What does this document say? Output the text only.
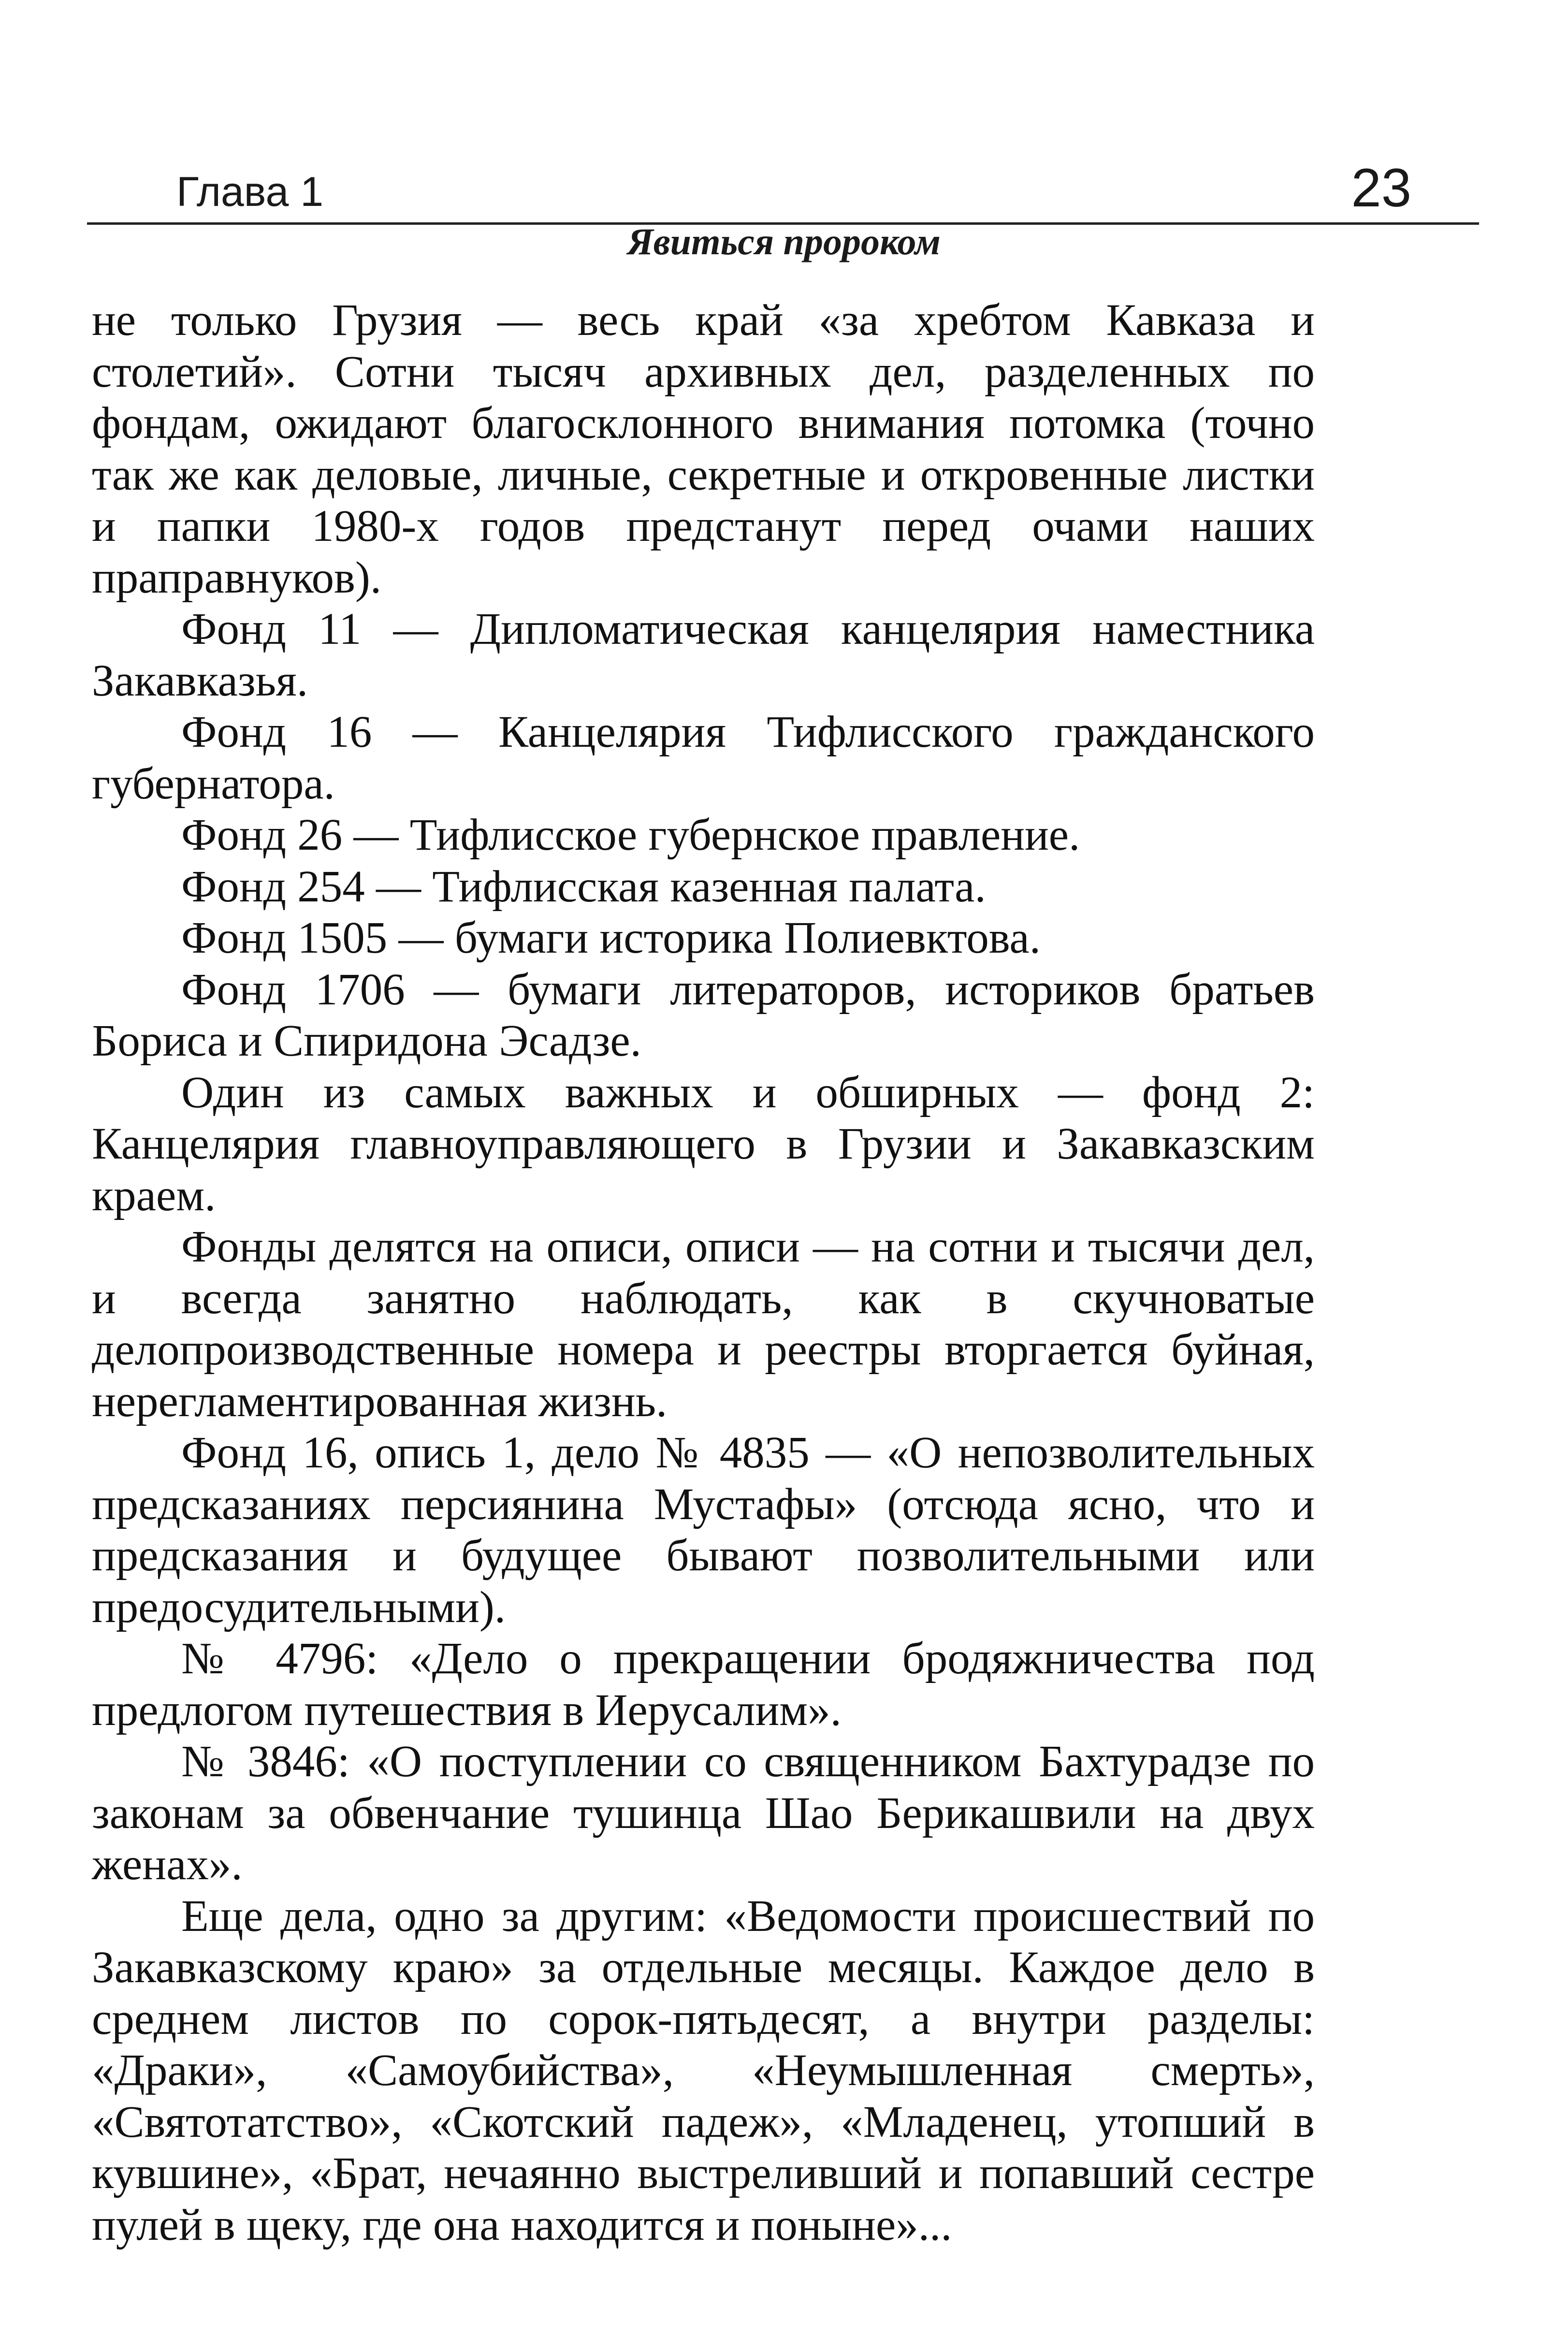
Глава 1	23
Явиться пророком

не только Грузия — весь край «за хребтом Кавказа и столетий». Сотни тысяч архивных дел, разделенных по фондам, ожидают благосклонного внимания потомка (точно так же как деловые, личные, секретные и откровенные листки и папки 1980-х годов предстанут перед очами наших праправнуков).

Фонд 11 — Дипломатическая канцелярия наместника Закавказья.

Фонд 16 — Канцелярия Тифлисского гражданского губернатора.

Фонд 26 — Тифлисское губернское правление.

Фонд 254 — Тифлисская казенная палата.

Фонд 1505 — бумаги историка Полиевктова.

Фонд 1706 — бумаги литераторов, историков братьев Бориса и Спиридона Эсадзе.

Один из самых важных и обширных — фонд 2: Канцелярия главноуправляющего в Грузии и Закавказским краем.

Фонды делятся на описи, описи — на сотни и тысячи дел, и всегда занятно наблюдать, как в скучноватые делопроизводственные номера и реестры вторгается буйная, нерегламентированная жизнь.

Фонд 16, опись 1, дело № 4835 — «О непозволительных предсказаниях персиянина Мустафы» (отсюда ясно, что и предсказания и будущее бывают позволительными или предосудительными).

№ 4796: «Дело о прекращении бродяжничества под предлогом путешествия в Иерусалим».

№ 3846: «О поступлении со священником Бахтурадзе по законам за обвенчание тушинца Шао Берикашвили на двух женах».

Еще дела, одно за другим: «Ведомости происшествий по Закавказскому краю» за отдельные месяцы. Каждое дело в среднем листов по сорок-пятьдесят, а внутри разделы: «Драки», «Самоубийства», «Неумышленная смерть», «Святотатство», «Скотский падеж», «Младенец, утопший в кувшине», «Брат, нечаянно выстреливший и попавший сестре пулей в щеку, где она находится и поныне»...
